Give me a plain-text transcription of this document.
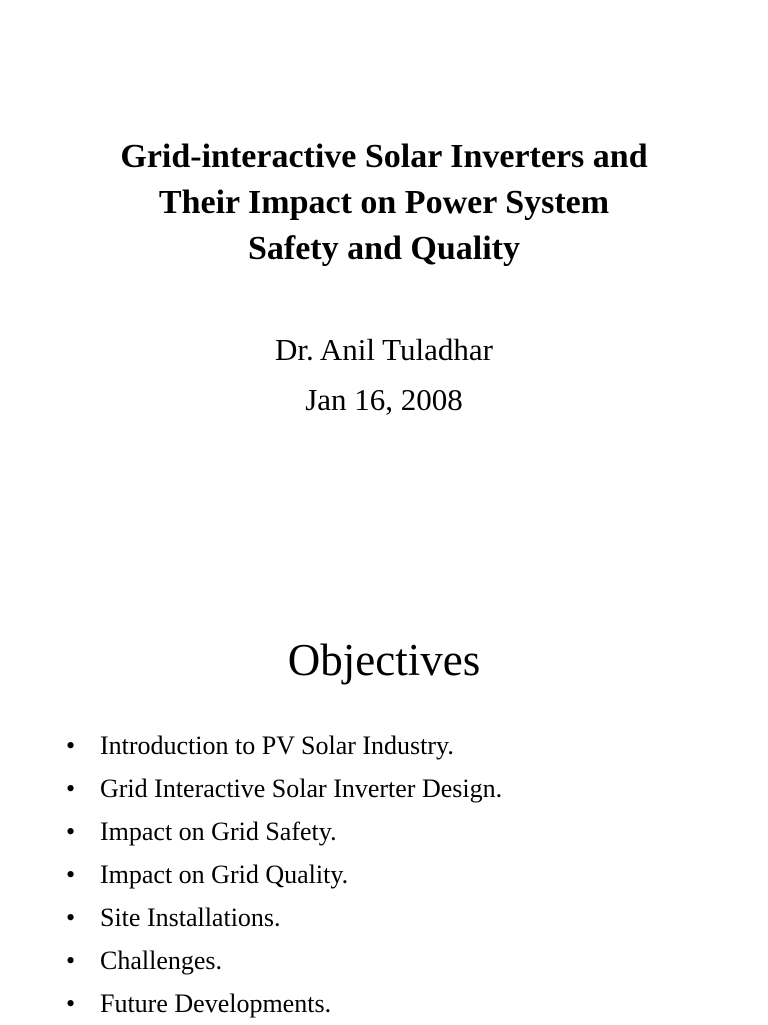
Grid-interactive Solar Inverters and
Their Impact on Power System
Safety and Quality
Dr. Anil Tuladhar
Jan 16, 2008
Objectives
• Introduction to PV Solar Industry.
• Grid Interactive Solar Inverter Design.
• Impact on Grid Safety.
• Impact on Grid Quality.
• Site Installations.
• Challenges.
• Future Developments.
